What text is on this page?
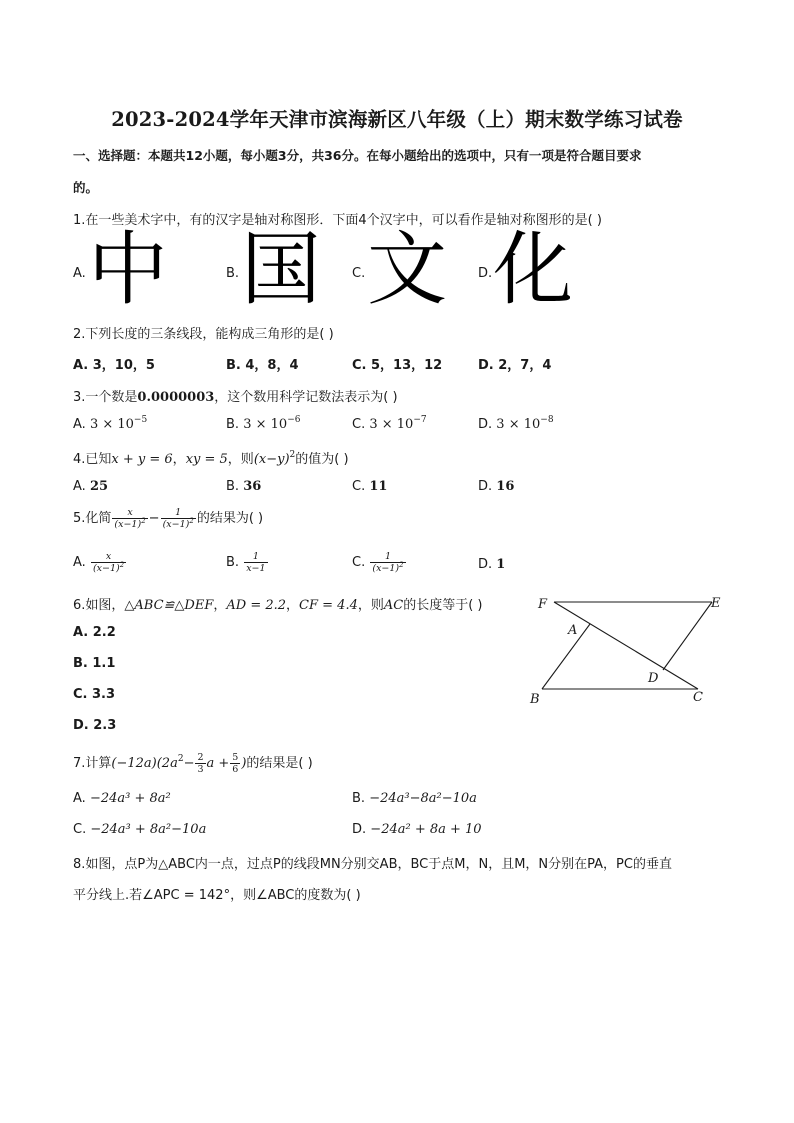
2023-2024学年天津市滨海新区八年级（上）期末数学练习试卷
一、选择题：本题共12小题，每小题3分，共36分。在每小题给出的选项中，只有一项是符合题目要求
的。
1.在一些美术字中，有的汉字是轴对称图形．下面4个汉字中，可以看作是轴对称图形的是( )
A. 中	B. 国 C. 文 D. 化
2.下列长度的三条线段，能构成三角形的是( )
A. 3，10，5	B. 4，8，4	C. 5，13，12	D. 2，7，4
3.一个数是0.0000003，这个数用科学记数法表示为( )
A. $3 \times 10^{-5}$	B. $3 \times 10^{-6}$	C. $3 \times 10^{-7}$	D. $3 \times 10^{-8}$
4.已知x + y = 6，xy = 5，则$(x-y)^2$的值为( )
A. 25	B. 36	C. 11	D. 16
5.化简 $\frac{x}{(x-1)^2} - \frac{1}{(x-1)^2}$ 的结果为( )
A. $\frac{x}{(x-1)^2}$	B. $\frac{1}{x-1}$	C. $\frac{1}{(x-1)^2}$	D. 1
6.如图，△ABC≌△DEF，AD = 2.2，CF = 4.4，则AC的长度等于( )
A. 2.2
B. 1.1
C. 3.3
D. 2.3
F	E
A
D
B	C
7.计算$(-12a)(2a^2- \frac{2}{3}$ $a + \frac{5}{6}$ )的结果是( )
A. −24a³ + 8a²	B. −24a³−8a²−10a
C. −24a³ + 8a²−10a	D. −24a² + 8a + 10
8.如图，点P为△ABC内一点，过点P的线段MN分别交AB，BC于点M，N，且M，N分别在PA，PC的垂直
平分线上.若∠APC = 142°，则∠ABC的度数为( )
